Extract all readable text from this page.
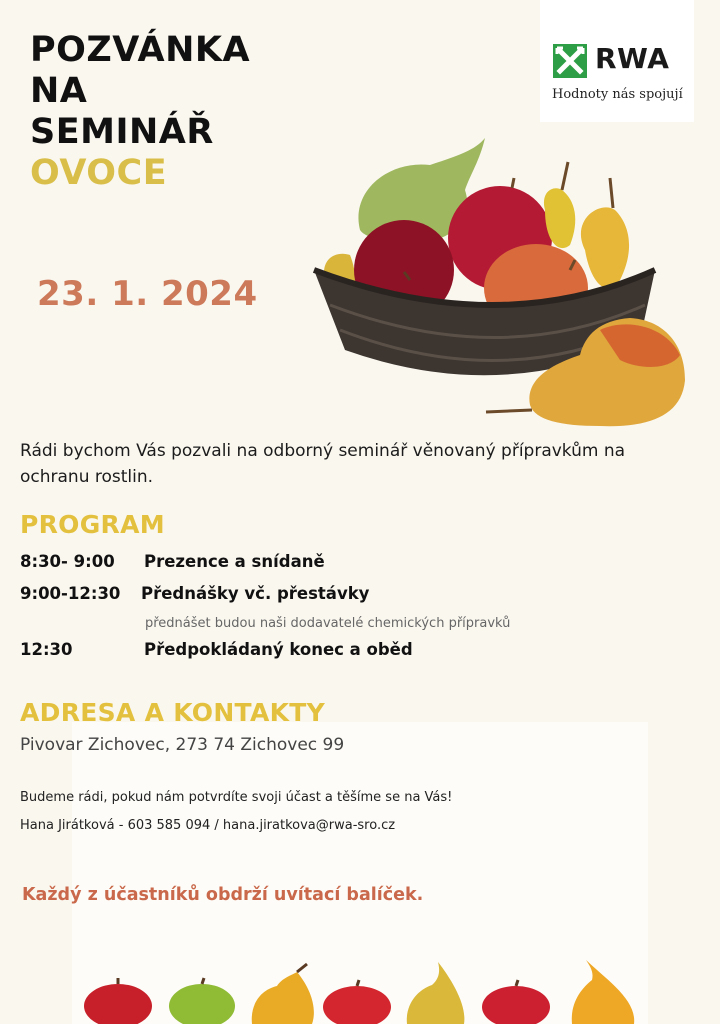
POZVÁNKA
NA
SEMINÁŘ
OVOCE
23. 1. 2024
RWA
Hodnoty nás spojují

Rádi bychom Vás pozvali na odborný seminář věnovaný přípravkům na ochranu rostlin.

PROGRAM
8:30- 9:00 Prezence a snídaně
9:00-12:30 Přednášky vč. přestávky
přednášet budou naši dodavatelé chemických přípravků
12:30	Předpokládaný konec a oběd
ADRESA A KONTAKTY
Pivovar Zichovec, 273 74 Zichovec 99
Budeme rádi, pokud nám potvrdíte svoji účast a těšíme se na Vás!
Hana Jirátková - 603 585 094 / hana.jiratkova@rwa-sro.cz
Každý z účastníků obdrží uvítací balíček.
